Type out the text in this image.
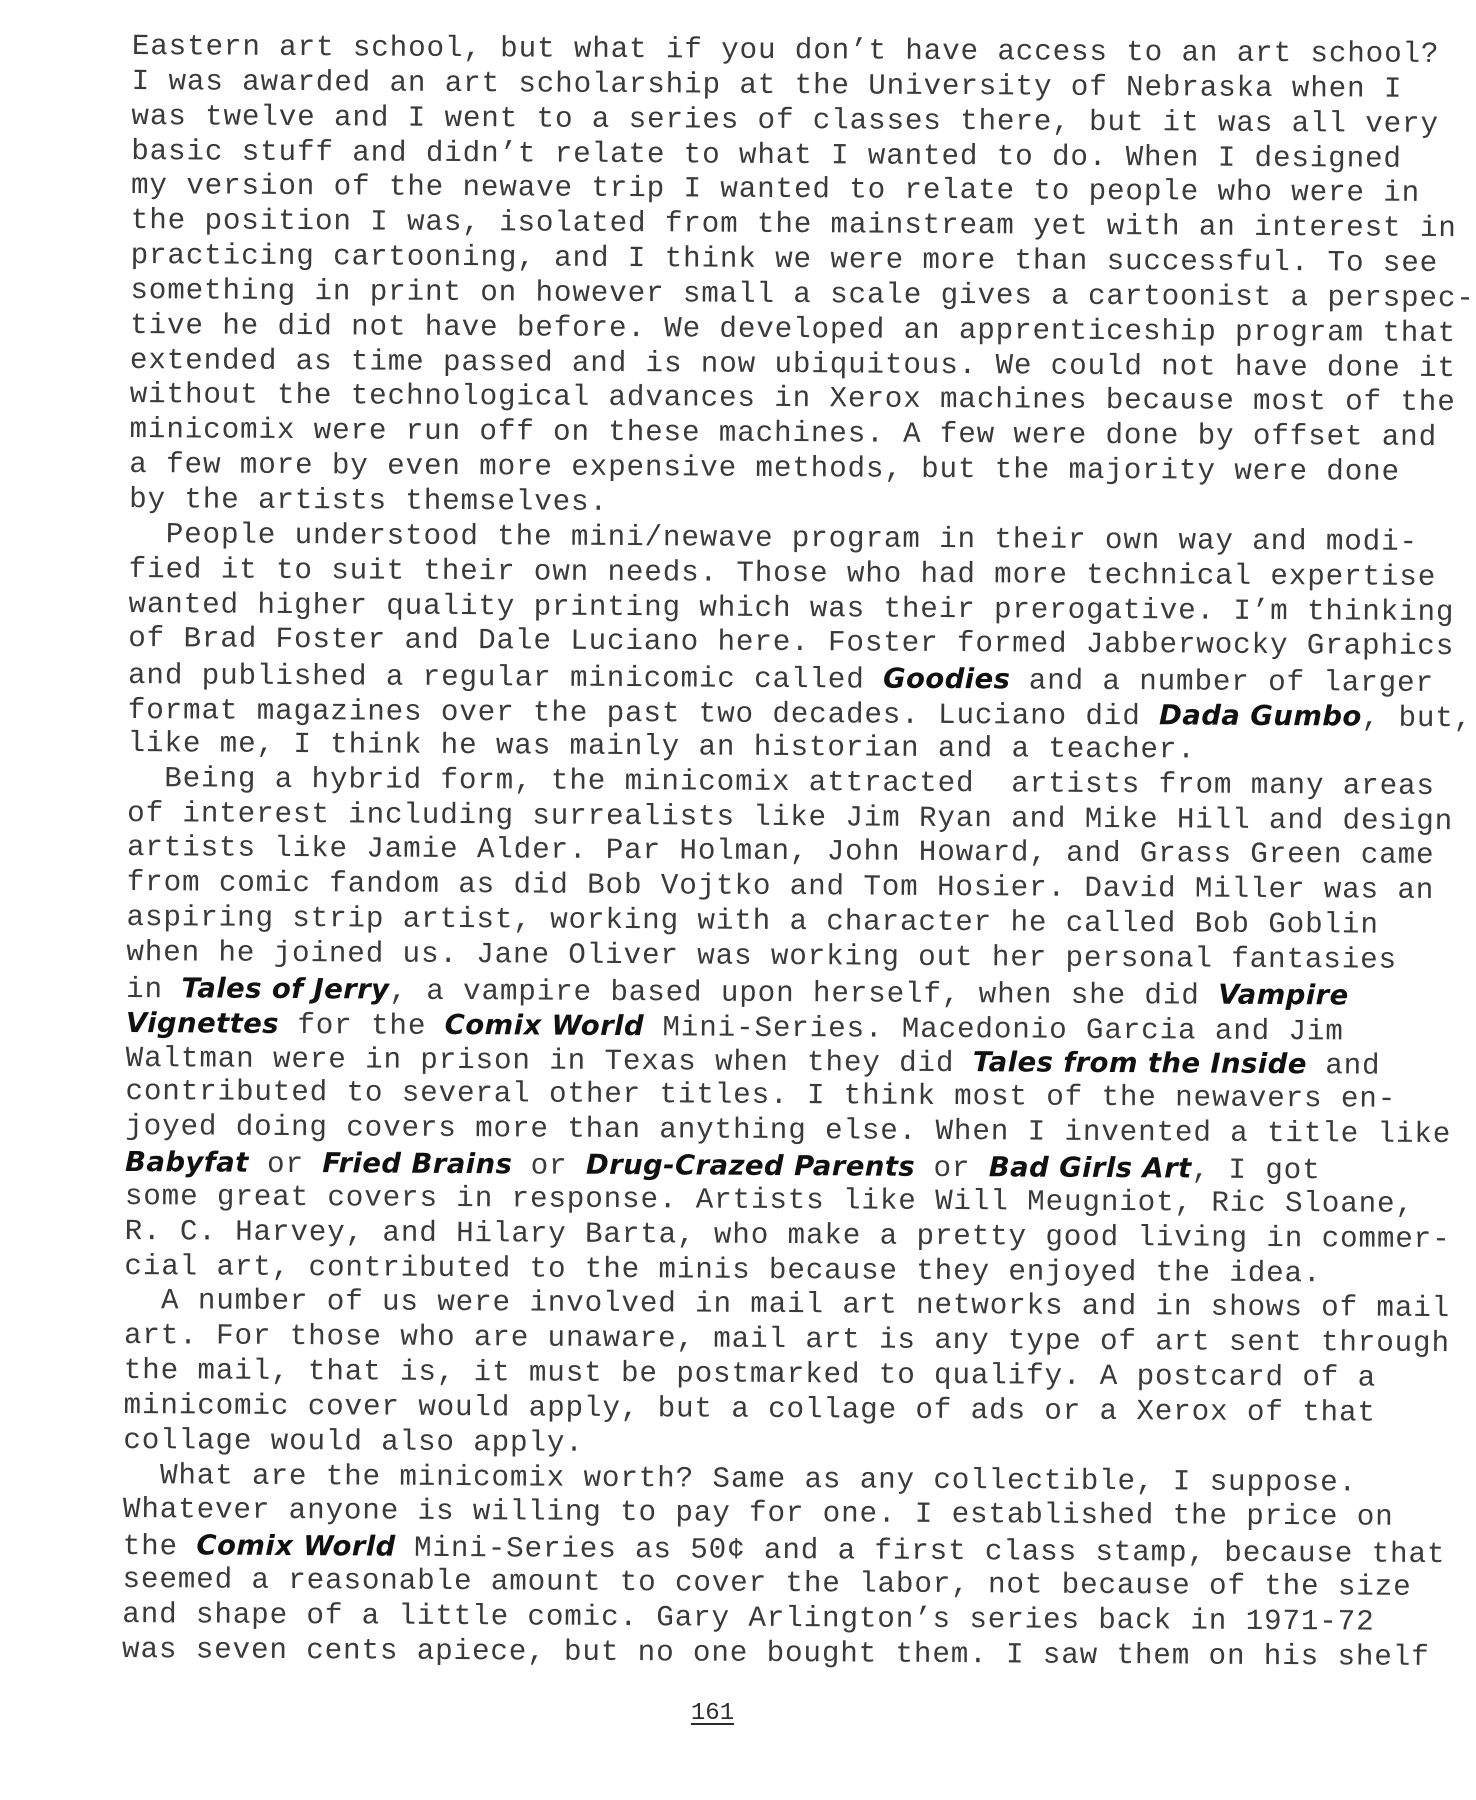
Eastern art school, but what if you don’t have access to an art school?
I was awarded an art scholarship at the University of Nebraska when I
was twelve and I went to a series of classes there, but it was all very
basic stuff and didn’t relate to what I wanted to do. When I designed
my version of the newave trip I wanted to relate to people who were in
the position I was, isolated from the mainstream yet with an interest in
practicing cartooning, and I think we were more than successful. To see
something in print on however small a scale gives a cartoonist a perspec-
tive he did not have before. We developed an apprenticeship program that
extended as time passed and is now ubiquitous. We could not have done it
without the technological advances in Xerox machines because most of the
minicomix were run off on these machines. A few were done by offset and
a few more by even more expensive methods, but the majority were done
by the artists themselves.
People understood the mini/newave program in their own way and modi-
fied it to suit their own needs. Those who had more technical expertise
wanted higher quality printing which was their prerogative. I’m thinking
of Brad Foster and Dale Luciano here. Foster formed Jabberwocky Graphics
and published a regular minicomic called Goodies and a number of larger
format magazines over the past two decades. Luciano did Dada Gumbo, but,
like me, I think he was mainly an historian and a teacher.
Being a hybrid form, the minicomix attracted  artists from many areas
of interest including surrealists like Jim Ryan and Mike Hill and design
artists like Jamie Alder. Par Holman, John Howard, and Grass Green came
from comic fandom as did Bob Vojtko and Tom Hosier. David Miller was an
aspiring strip artist, working with a character he called Bob Goblin
when he joined us. Jane Oliver was working out her personal fantasies
in Tales of Jerry, a vampire based upon herself, when she did Vampire
Vignettes for the Comix World Mini-Series. Macedonio Garcia and Jim
Waltman were in prison in Texas when they did Tales from the Inside and
contributed to several other titles. I think most of the newavers en-
joyed doing covers more than anything else. When I invented a title like
Babyfat or Fried Brains or Drug-Crazed Parents or Bad Girls Art, I got
some great covers in response. Artists like Will Meugniot, Ric Sloane,
R. C. Harvey, and Hilary Barta, who make a pretty good living in commer-
cial art, contributed to the minis because they enjoyed the idea.
A number of us were involved in mail art networks and in shows of mail
art. For those who are unaware, mail art is any type of art sent through
the mail, that is, it must be postmarked to qualify. A postcard of a
minicomic cover would apply, but a collage of ads or a Xerox of that
collage would also apply.
What are the minicomix worth? Same as any collectible, I suppose.
Whatever anyone is willing to pay for one. I established the price on
the Comix World Mini-Series as 50¢ and a first class stamp, because that
seemed a reasonable amount to cover the labor, not because of the size
and shape of a little comic. Gary Arlington’s series back in 1971-72
was seven cents apiece, but no one bought them. I saw them on his shelf
161
